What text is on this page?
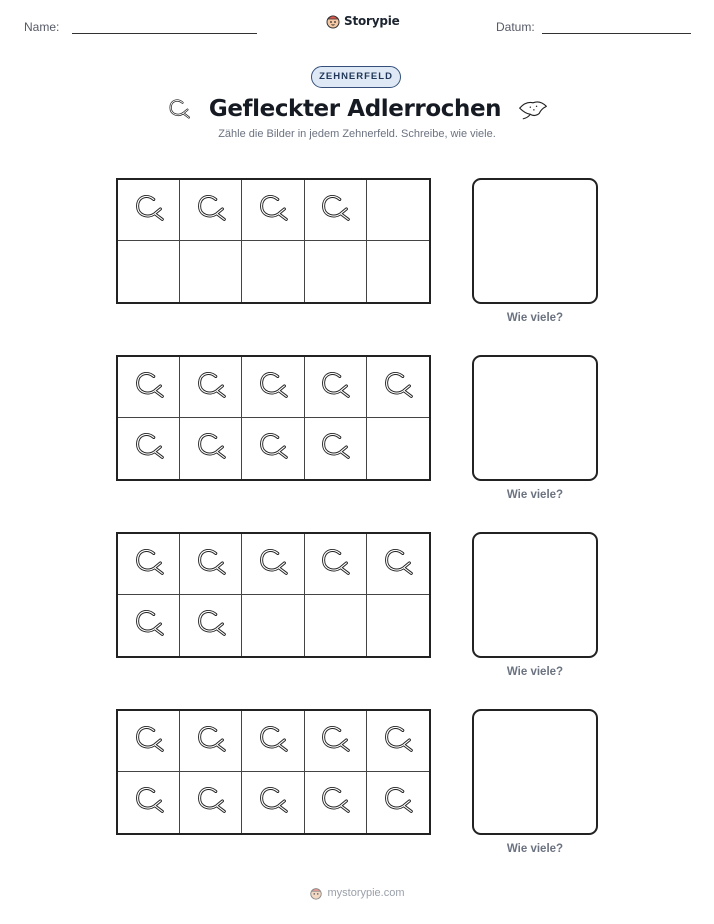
Name:	Storypie	Datum:
ZEHNERFELD
Gefleckter Adlerrochen
Zähle die Bilder in jedem Zehnerfeld. Schreibe, wie viele.
Wie viele?
Wie viele?
Wie viele?
Wie viele?
mystorypie.com
